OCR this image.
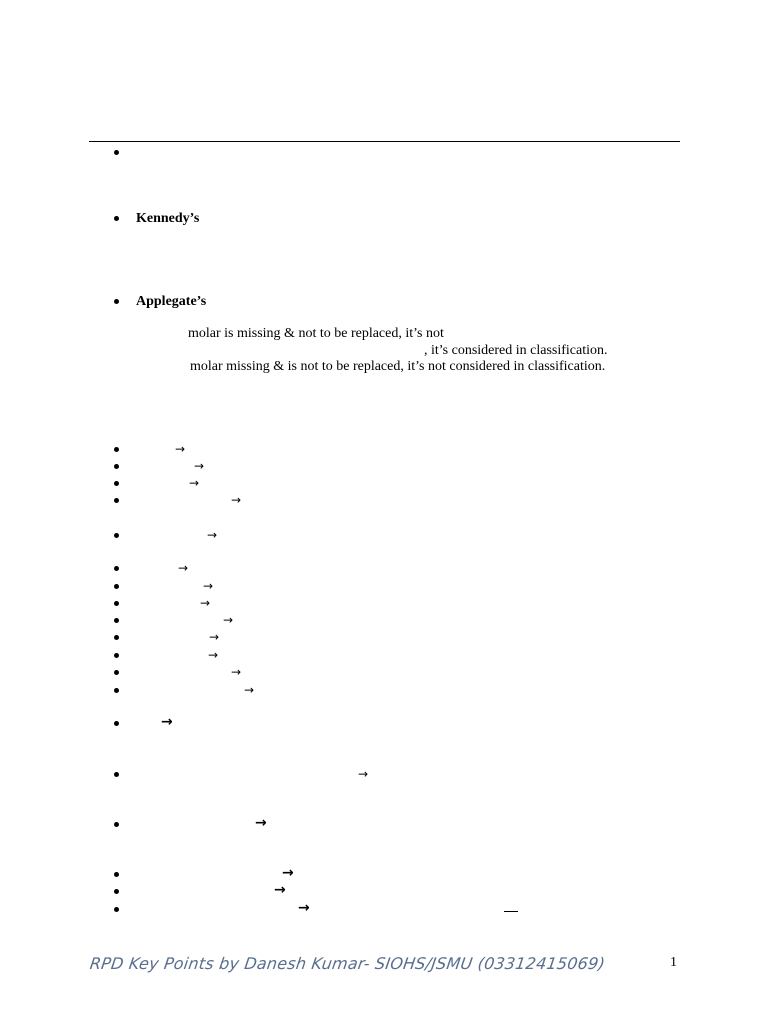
Kennedy’s
Applegate’s
molar is missing & not to be replaced, it’s not
, it’s considered in classification.
molar missing & is not to be replaced, it’s not considered in classification.
→
→
→
→
→
→
→
→
→
→
→
→
→
→
→
→
→
→
→
RPD Key Points by Danesh Kumar- SIOHS/JSMU (03312415069)	1
